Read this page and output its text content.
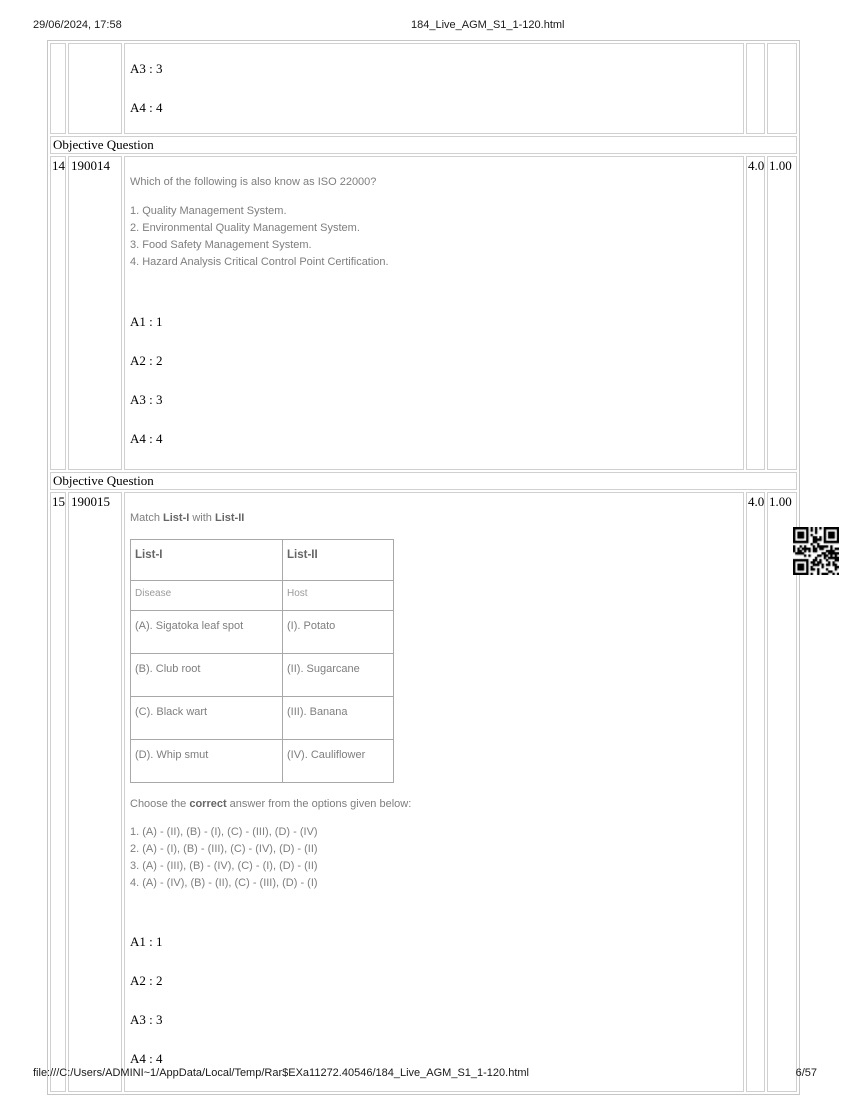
29/06/2024, 17:58	184_Live_AGM_S1_1-120.html

A3 : 3
A4 : 4

Objective Question
14	190014	
Which of the following is also know as ISO 22000?
1. Quality Management System.
2. Environmental Quality Management System.
3. Food Safety Management System.
4. Hazard Analysis Critical Control Point Certification.
A1 : 1
A2 : 2
A3 : 3
A4 : 4
	4.0	1.00
Objective Question
15	190015	
Match List-I with List-II
List-I	List-II
Disease	Host
(A). Sigatoka leaf spot	(I). Potato
(B). Club root	(II). Sugarcane
(C). Black wart	(III). Banana
(D). Whip smut	(IV). Cauliflower
Choose the correct answer from the options given below:
1. (A) - (II), (B) - (I), (C) - (III), (D) - (IV)
2. (A) - (I), (B) - (III), (C) - (IV), (D) - (II)
3. (A) - (III), (B) - (IV), (C) - (I), (D) - (II)
4. (A) - (IV), (B) - (II), (C) - (III), (D) - (I)
A1 : 1
A2 : 2
A3 : 3
A4 : 4
	4.0	1.00
file:///C:/Users/ADMINI~1/AppData/Local/Temp/Rar$EXa11272.40546/184_Live_AGM_S1_1-120.html	6/57
